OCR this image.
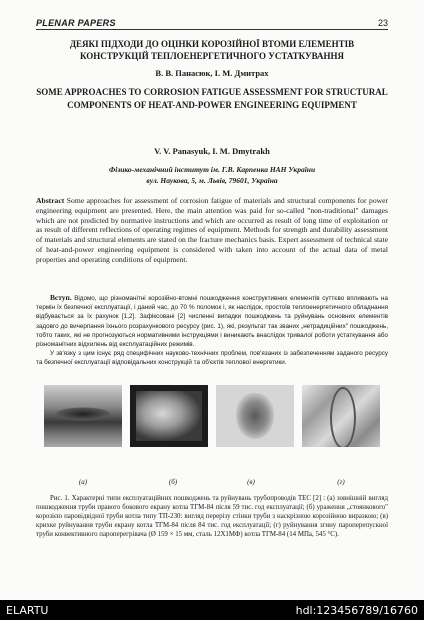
PLENAR PAPERS	23
ДЕЯКІ ПІДХОДИ ДО ОЦІНКИ КОРОЗІЙНОЇ ВТОМИ ЕЛЕМЕНТІВ КОНСТРУКЦІЙ ТЕПЛОЕНЕРГЕТИЧНОГО УСТАТКУВАННЯ
В. В. Панасюк, І. М. Дмитрах
SOME APPROACHES TO CORROSION FATIGUE ASSESSMENT FOR STRUCTURAL COMPONENTS OF HEAT-AND-POWER ENGINEERING EQUIPMENT
V. V. Panasyuk, I. M. Dmytrakh
Фізико-механічний інститут ім. Г.В. Карпенка НАН України
вул. Наукова, 5, м. Львів, 79601, Україна
Abstract Some approaches for assessment of corrosion fatigue of materials and structural components for power engineering equipment are presented. Here, the main attention was paid for so-called "non-traditional" damages which are not predicted by normative instructions and which are occurred as result of long time of exploitation or as result of different reflections of operating regimes of equipment. Methods for strength and durability assessment of materials and structural elements are stated on the fracture mechanics basis. Expert assessment of technical state of heat-and-power engineering equipment is considered with taken into account of the actual data of metal properties and operating conditions of equipment.

Вступ. Відомо, що різноманітні корозійно-втомні пошкодження конструктивних елементів суттєво впливають на термін їх безпечної експлуатації, і даний час, до 70 % поломок і, як наслідок, простоїв теплоенергетичного обладнання відбувається за їх рахунок [1,2]. Зафіксовані [2] численні випадки пошкоджень та руйнувань основних елементів задовго до вичерпання їхнього розрахункового ресурсу (рис. 1), які, результат так званих „нетрадиційних" пошкоджень, тобто таких, які не прогнозуються нормативними інструкціями і виникають внаслідок тривалої роботи устаткування або різноманітних відхилень від експлуатаційних режимів.

У зв'язку з цим існує ряд специфічних науково-технічних проблем, пов'язаних із забезпеченням заданого ресурсу та безпечної експлуатації відповідальних конструкцій та об'єктів теплової енергетики.

(а)	(б)	(в)	(г)
Рис. 1. Характерні типи експлуатаційних пошкоджень та руйнувань трубопроводів ТЕС [2] : (а) зовнішній вигляд пошкодження труби правого бокового екрану котла ТГМ-84 після 59 тис. год експлуатації; (б) ураження „стоянкового" корозією паровідвідної труби котла типу ТП-230: вигляд перерізу стінки труби з наскрізною корозійною виразкою; (в) крихке руйнування труби екрану котла ТГМ-84 після 84 тис. год експлуатації; (г) руйнування згину пароперепускної труби конвективного пароперегрівача (Ø 159 × 15 мм, сталь 12Х1МФ) котла ТГМ-84 (14 МПа, 545 °С).
ELARTU	hdl:123456789/16760
